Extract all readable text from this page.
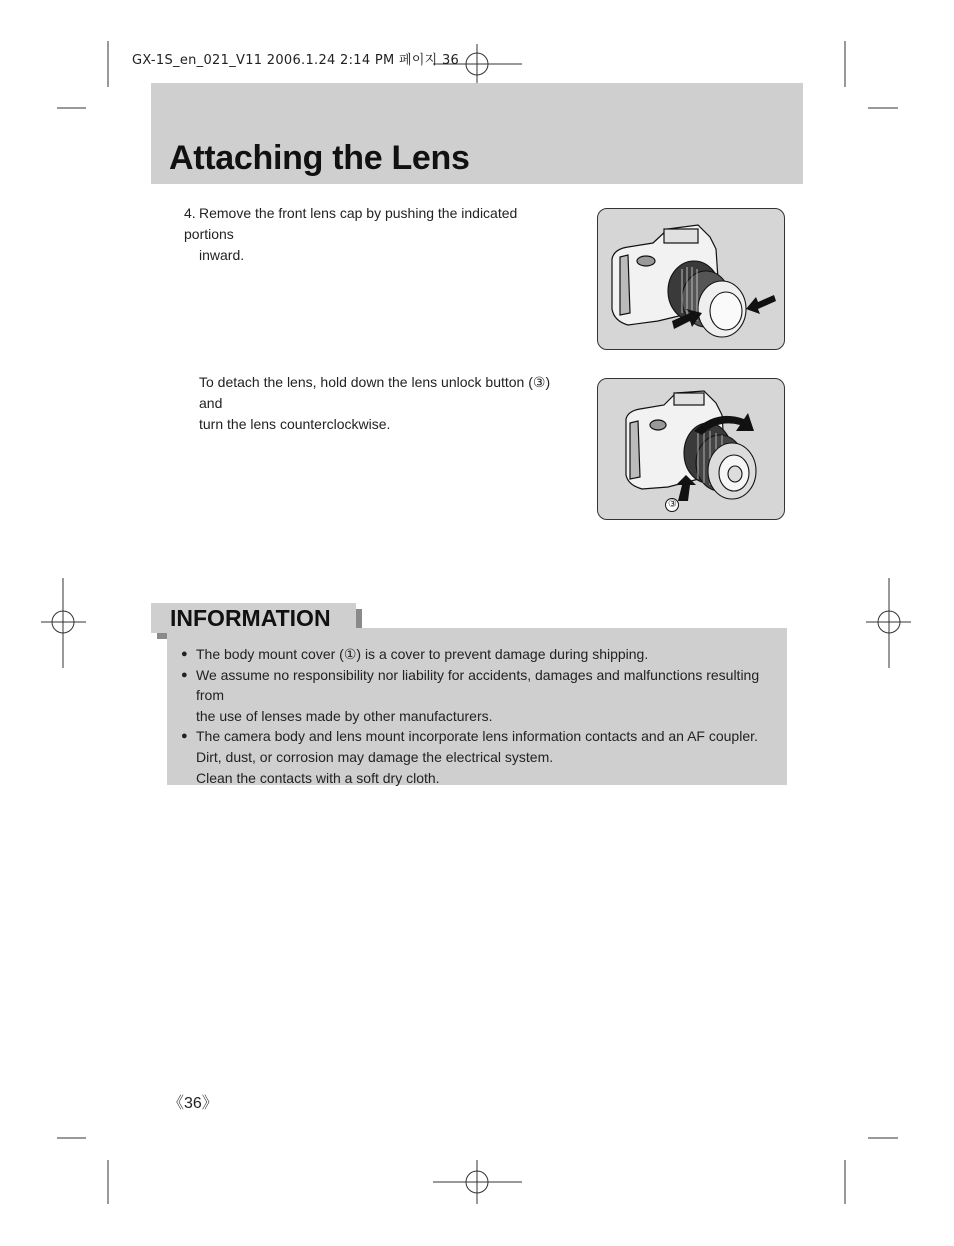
GX-1S_en_021_V11 2006.1.24 2:14 PM 페이지 36
Attaching the Lens
4. Remove the front lens cap by pushing the indicated portions
inward.
To detach the lens, hold down the lens unlock button (③) and
turn the lens counterclockwise.
③
INFORMATION
● The body mount cover (①) is a cover to prevent damage during shipping.
● We assume no responsibility nor liability for accidents, damages and malfunctions resulting from
the use of lenses made by other manufacturers.
● The camera body and lens mount incorporate lens information contacts and an AF coupler.
Dirt, dust, or corrosion may damage the electrical system.
Clean the contacts with a soft dry cloth.
《36》
